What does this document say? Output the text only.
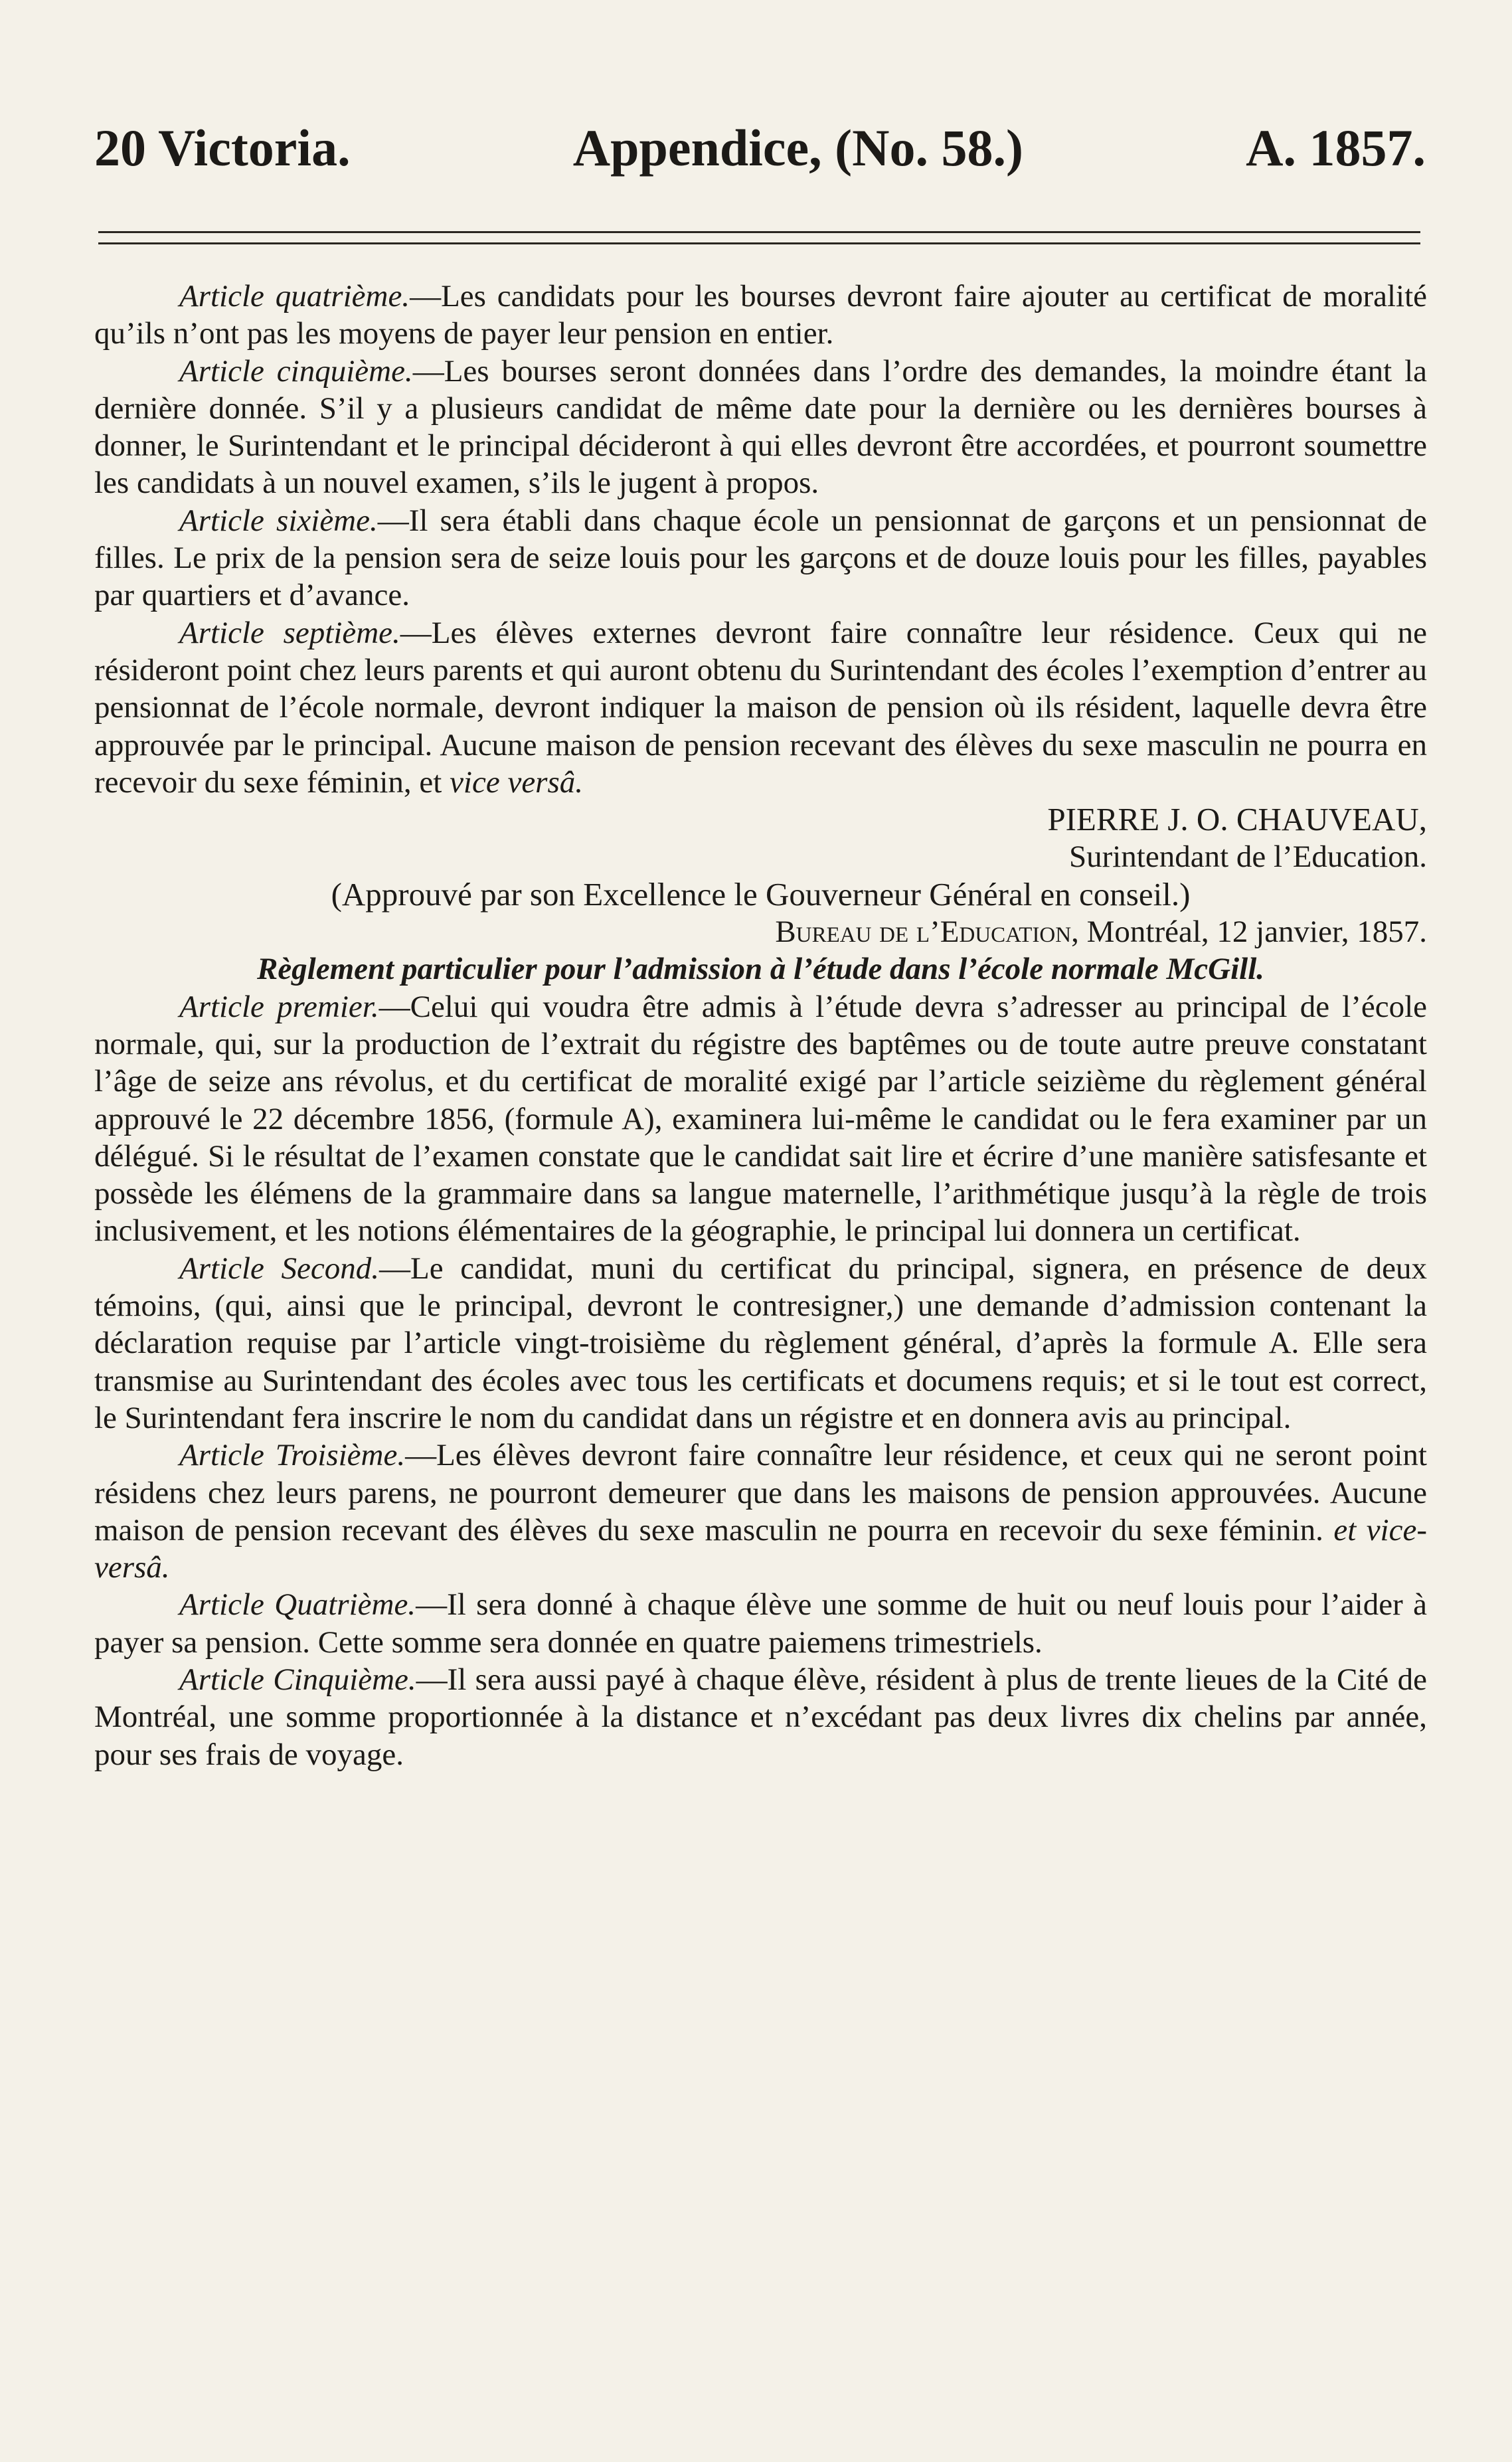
20 Victoria.	Appendice, (No. 58.)	A. 1857.

Article quatrième.—Les candidats pour les bourses devront faire ajouter au certificat de moralité qu’ils n’ont pas les moyens de payer leur pension en entier.

Article cinquième.—Les bourses seront données dans l’ordre des demandes, la moindre étant la dernière donnée. S’il y a plusieurs candidat de même date pour la dernière ou les dernières bourses à donner, le Surintendant et le principal décideront à qui elles devront être accordées, et pourront soumettre les candidats à un nouvel examen, s’ils le jugent à propos.

Article sixième.—Il sera établi dans chaque école un pensionnat de garçons et un pensionnat de filles. Le prix de la pension sera de seize louis pour les garçons et de douze louis pour les filles, payables par quartiers et d’avance.

Article septième.—Les élèves externes devront faire connaître leur résidence. Ceux qui ne résideront point chez leurs parents et qui auront obtenu du Surintendant des écoles l’exemption d’entrer au pensionnat de l’école normale, devront indiquer la maison de pension où ils résident, laquelle devra être approuvée par le principal. Aucune maison de pension recevant des élèves du sexe masculin ne pourra en recevoir du sexe féminin, et vice versâ.

PIERRE J. O. CHAUVEAU,

Surintendant de l’Education.

(Approuvé par son Excellence le Gouverneur Général en conseil.)

Bureau de l’Education, Montréal, 12 janvier, 1857.

Règlement particulier pour l’admission à l’étude dans l’école normale McGill.

Article premier.—Celui qui voudra être admis à l’étude devra s’adresser au principal de l’école normale, qui, sur la production de l’extrait du régistre des baptêmes ou de toute autre preuve constatant l’âge de seize ans révolus, et du certificat de moralité exigé par l’article seizième du règlement général approuvé le 22 décembre 1856, (formule A), examinera lui-même le candidat ou le fera examiner par un délégué. Si le résultat de l’examen constate que le candidat sait lire et écrire d’une manière satisfesante et possède les élémens de la grammaire dans sa langue maternelle, l’arithmétique jusqu’à la règle de trois inclusivement, et les notions élémentaires de la géographie, le principal lui donnera un certificat.

Article Second.—Le candidat, muni du certificat du principal, signera, en présence de deux témoins, (qui, ainsi que le principal, devront le contresigner,) une demande d’admission contenant la déclaration requise par l’article vingt-troisième du règlement général, d’après la formule A. Elle sera transmise au Surintendant des écoles avec tous les certificats et documens requis; et si le tout est correct, le Surintendant fera inscrire le nom du candidat dans un régistre et en donnera avis au principal.

Article Troisième.—Les élèves devront faire connaître leur résidence, et ceux qui ne seront point résidens chez leurs parens, ne pourront demeurer que dans les maisons de pension approuvées. Aucune maison de pension recevant des élèves du sexe masculin ne pourra en recevoir du sexe féminin. et vice-versâ.

Article Quatrième.—Il sera donné à chaque élève une somme de huit ou neuf louis pour l’aider à payer sa pension. Cette somme sera donnée en quatre paiemens trimestriels.

Article Cinquième.—Il sera aussi payé à chaque élève, résident à plus de trente lieues de la Cité de Montréal, une somme proportionnée à la distance et n’excédant pas deux livres dix chelins par année, pour ses frais de voyage.
